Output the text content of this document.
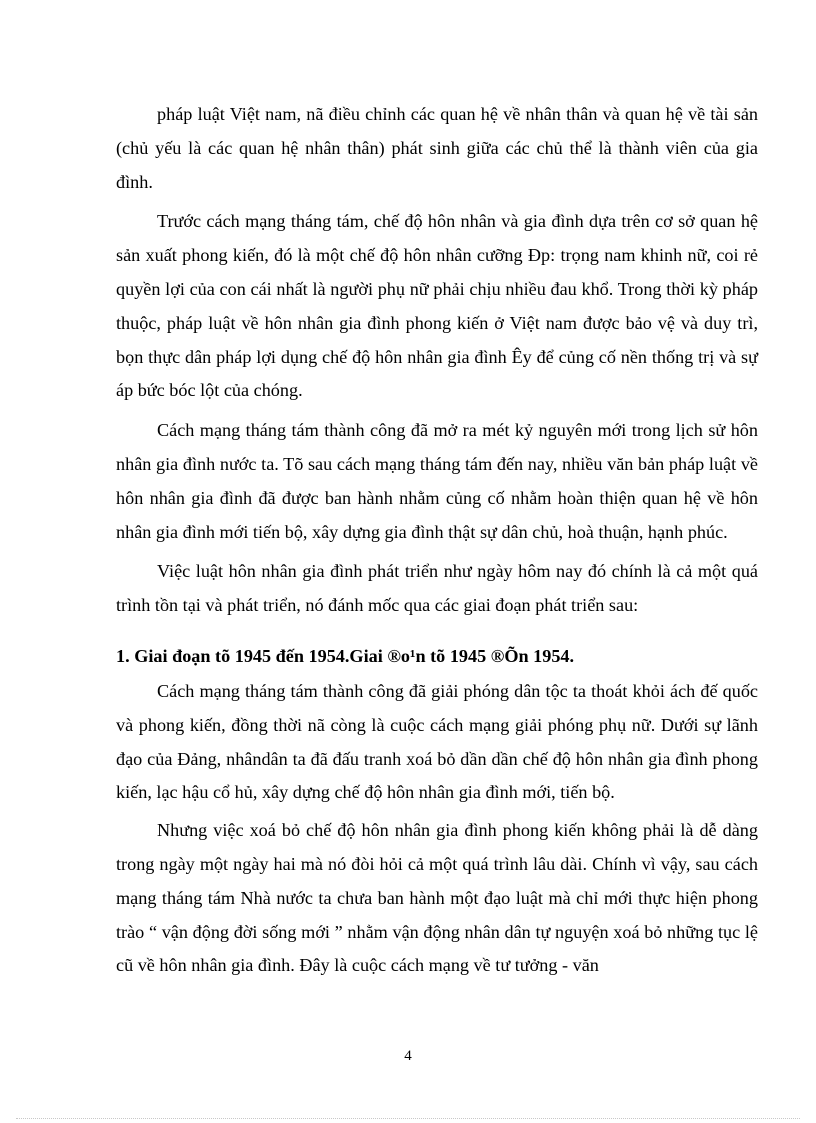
pháp luật Việt nam, nã điều chỉnh các quan hệ về nhân thân và quan hệ về tài sản (chủ yếu là các quan hệ nhân thân) phát sinh giữa các chủ thể là thành viên của gia đình.

Trước cách mạng tháng tám, chế độ hôn nhân và gia đình dựa trên cơ sở quan hệ sản xuất phong kiến, đó là một chế độ hôn nhân cưỡng Đp: trọng nam khinh nữ, coi rẻ quyền lợi của con cái nhất là người phụ nữ phải chịu nhiều đau khổ. Trong thời kỳ pháp thuộc, pháp luật về hôn nhân gia đình phong kiến ở Việt nam được bảo vệ và duy trì, bọn thực dân pháp lợi dụng chế độ hôn nhân gia đình Êy để củng cố nền thống trị và sự áp bức bóc lột của chóng.

Cách mạng tháng tám thành công đã mở ra mét kỷ nguyên mới trong lịch sử hôn nhân gia đình nước ta. Tõ sau cách mạng tháng tám đến nay, nhiều văn bản pháp luật về hôn nhân gia đình đã được ban hành nhằm củng cố nhằm hoàn thiện quan hệ về hôn nhân gia đình mới tiến bộ, xây dựng gia đình thật sự dân chủ, hoà thuận, hạnh phúc.

Việc luật hôn nhân gia đình phát triển như ngày hôm nay đó chính là cả một quá trình tồn tại và phát triển, nó đánh mốc qua các giai đoạn phát triển sau:

1. Giai đoạn tõ 1945 đến 1954.Giai ®o¹n tõ 1945 ®Õn 1954.

Cách mạng tháng tám thành công đã giải phóng dân tộc ta thoát khỏi ách đế quốc và phong kiến, đồng thời nã còng là cuộc cách mạng giải phóng phụ nữ. Dưới sự lãnh đạo của Đảng, nhândân ta đã đấu tranh xoá bỏ dần dần chế độ hôn nhân gia đình phong kiến, lạc hậu cổ hủ, xây dựng chế độ hôn nhân gia đình mới, tiến bộ.

Nhưng việc xoá bỏ chế độ hôn nhân gia đình phong kiến không phải là dễ dàng trong ngày một ngày hai mà nó đòi hỏi cả một quá trình lâu dài. Chính vì vậy, sau cách mạng tháng tám Nhà nước ta chưa ban hành một đạo luật mà chỉ mới thực hiện phong trào “ vận động đời sống mới ” nhằm vận động nhân dân tự nguyện xoá bỏ những tục lệ cũ về hôn nhân gia đình. Đây là cuộc cách mạng về tư tưởng - văn

4
